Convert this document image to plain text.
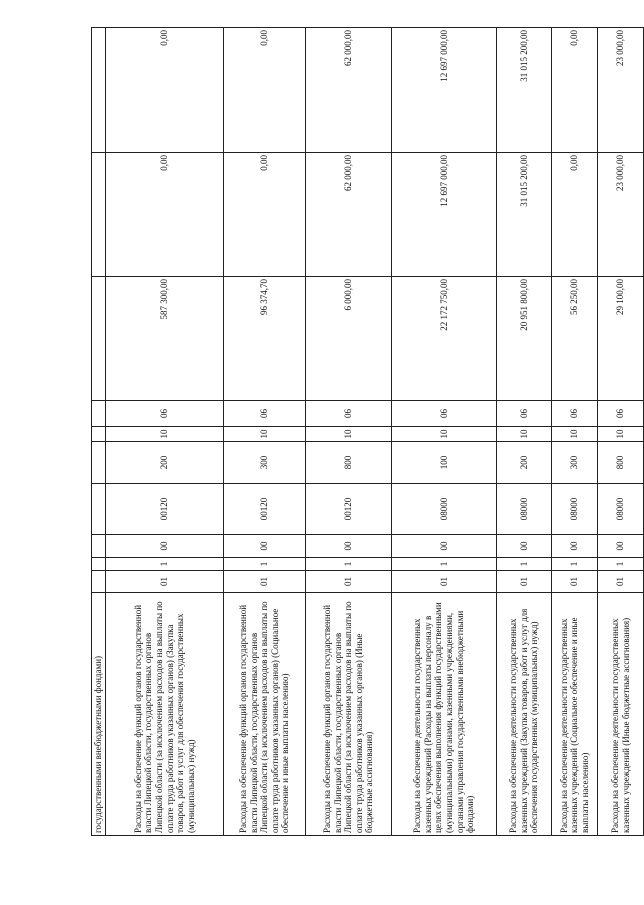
государственными внебюджетными фондами)										
Расходы на обеспечение функций органов государственной власти Липецкой области, государственных органов Липецкой области (за исключением расходов на выплаты по оплате труда работников указанных органов) (Закупка товаров, работ и услуг для обеспечения государственных (муниципальных) нужд)	01	1	00	00120	200	10	06	587 300,00	0,00	0,00
Расходы на обеспечение функций органов государственной власти Липецкой области, государственных органов Липецкой области (за исключением расходов на выплаты по оплате труда работников указанных органов) (Социальное обеспечение и иные выплаты населению)	01	1	00	00120	300	10	06	96 374,70	0,00	0,00
Расходы на обеспечение функций органов государственной власти Липецкой области, государственных органов Липецкой области (за исключением расходов на выплаты по оплате труда работников указанных органов) (Иные бюджетные ассигнования)	01	1	00	00120	800	10	06	6 000,00	62 000,00	62 000,00
Расходы на обеспечение деятельности государственных казенных учреждений (Расходы на выплаты персоналу в целях обеспечения выполнения функций государственными (муниципальными) органами, казенными учреждениями, органами управления государственными внебюджетными фондами)	01	1	00	08000	100	10	06	22 172 750,00	12 697 000,00	12 697 000,00
Расходы на обеспечение деятельности государственных казенных учреждений (Закупка товаров, работ и услуг для обеспечения государственных (муниципальных) нужд)	01	1	00	08000	200	10	06	20 951 800,00	31 015 200,00	31 015 200,00
Расходы на обеспечение деятельности государственных казенных учреждений (Социальное обеспечение и иные выплаты населению)	01	1	00	08000	300	10	06	56 250,00	0,00	0,00
Расходы на обеспечение деятельности государственных казенных учреждений (Иные бюджетные ассигнования)	01	1	00	08000	800	10	06	29 100,00	23 000,00	23 000,00
